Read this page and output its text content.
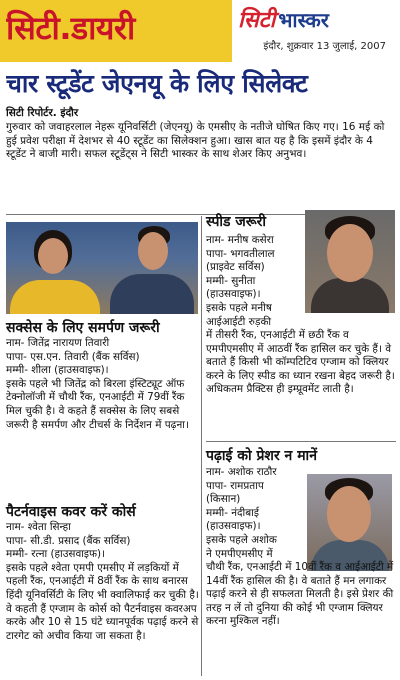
सिटी.डायरी	सिटी भास्कर
इंदौर, शुक्रवार 13 जुलाई, 2007
चार स्टूडेंट जेएनयू के लिए सिलेक्ट
सिटी रिपोर्टर. इंदौर
गुरुवार को जवाहरलाल नेहरू यूनिवर्सिटी (जेएनयू) के एमसीए के नतीजे घोषित किए गए। 16 मई को हुई प्रवेश परीक्षा में देशभर से 40 स्टूडेंट का सिलेक्शन हुआ। खास बात यह है कि इसमें इंदौर के 4 स्टूडेंट ने बाजी मारी। सफल स्टूडेंट्स ने सिटी भास्कर के साथ शेअर किए अनुभव।
सक्सेस के लिए समर्पण जरूरी

नाम- जितेंद्र नारायण तिवारी

पापा- एस.एन. तिवारी (बैंक सर्विस)

मम्मी- शीला (हाउसवाइफ)।

इसके पहले भी जितेंद्र को बिरला इंस्टिट्यूट ऑफ टेक्नोलॉजी में चौथी रैंक, एनआईटी में 79वीं रैंक मिल चुकी है। वे कहते हैं सक्सेस के लिए सबसे जरूरी है समर्पण और टीचर्स के निर्देशन में पढ़ना।

पैटर्नवाइस कवर करें कोर्स

नाम- श्वेता सिन्हा

पापा- सी.डी. प्रसाद (बैंक सर्विस)

मम्मी- रत्ना (हाउसवाइफ)।

इसके पहले श्वेता एमपी एमसीए में लड़कियों में पहली रैंक, एनआईटी में 8वीं रैंक के साथ बनारस हिंदी यूनिवर्सिटी के लिए भी क्वालिफाई कर चुकी है। वे कहती हैं एग्जाम के कोर्स को पैटर्नवाइस कवरअप करके और 10 से 15 घंटे ध्यानपूर्वक पढ़ाई करने से टारगेट को अचीव किया जा सकता है।

स्पीड जरूरी

नाम- मनीष कसेरा

पापा- भगवतीलाल

(प्राइवेट सर्विस)

मम्मी- सुनीता

(हाउसवाइफ)।

इसके पहले मनीष

आईआईटी रुड़की

में तीसरी रैंक, एनआईटी में छठी रैंक व एमपीएमसीए में आठवीं रैंक हासिल कर चुके हैं। वे बताते हैं किसी भी कॉम्पटिटिव एग्जाम को क्लियर करने के लिए स्पीड का ध्यान रखना बेहद जरूरी है। अधिकतम प्रैक्टिस ही इम्प्रूवमेंट लाती है।

पढ़ाई को प्रेशर न मानें

नाम- अशोक राठौर

पापा- रामप्रताप

(किसान)

मम्मी- नंदीबाई

(हाउसवाइफ)।

इसके पहले अशोक

ने एमपीएमसीए में

चौथी रैंक, एनआईटी में 10वीं रैंक व आईआईटी में 14वीं रैंक हासिल की है। वे बताते हैं मन लगाकर पढ़ाई करने से ही सफलता मिलती है। इसे प्रेशर की तरह न लें तो दुनिया की कोई भी एग्जाम क्लियर करना मुश्किल नहीं।
